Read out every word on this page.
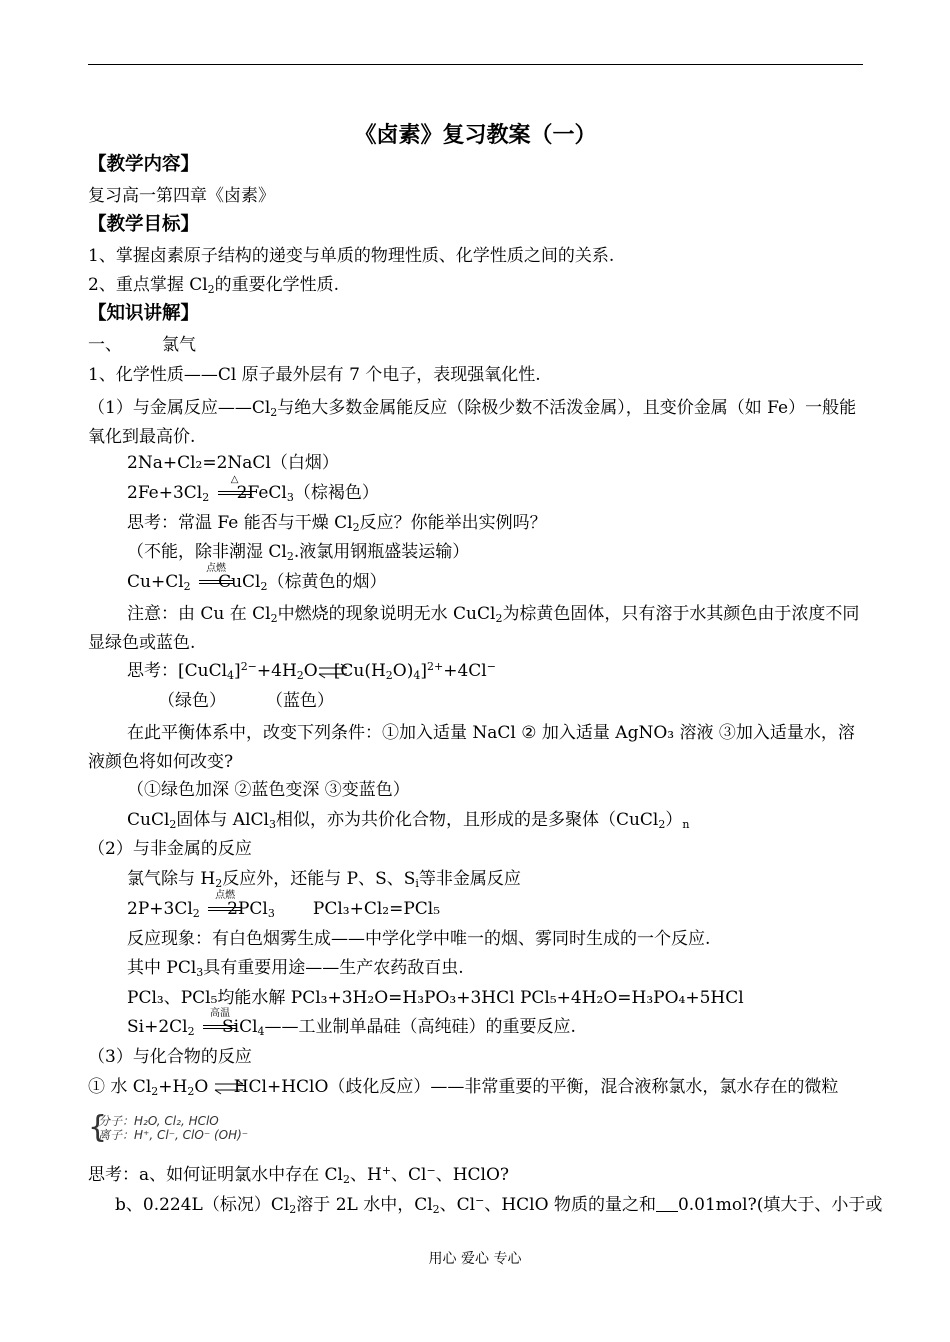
《卤素》复习教案（一）
【教学内容】
复习高一第四章《卤素》
【教学目标】
1、掌握卤素原子结构的递变与单质的物理性质、化学性质之间的关系.
2、重点掌握 $Cl_2$的重要化学性质.
【知识讲解】
一、 氯气
1、化学性质——Cl 原子最外层有 7 个电子，表现强氧化性.
（1）与金属反应$——Cl_2$与绝大多数金属能反应（除极少数不活泼金属），且变价金属（如 Fe）一般能氧化到最高价.
2Na+Cl₂=2NaCl（白烟）
$2Fe+3Cl_2$
△
2FeCl$_3$（棕褐色）
思考：常温 Fe 能否与干燥 $Cl_2$反应？你能举出实例吗？
（不能，除非潮湿 $Cl_2$.液氯用钢瓶盛装运输）
$Cu+Cl_2$
点燃
CuCl$_2$（棕黄色的烟）
注意：由 Cu 在 $Cl_2$中燃烧的现象说明无水 CuCl$_2$为棕黄色固体，只有溶于水其颜色由于浓度不同显绿色或蓝色.
思考：$[CuCl_4]^{2-}+4H_2O\rightleftharpoons[Cu(H_2O)_4]^{2+}+4Cl^-$
（绿色） （蓝色）
在此平衡体系中，改变下列条件：①加入适量 NaCl ② 加入适量 AgNO₃ 溶液 ③加入适量水，溶液颜色将如何改变?
（①绿色加深 ②蓝色变深 ③变蓝色）
CuCl$_2$固体与 AlCl$_3$相似，亦为共价化合物，且形成的是多聚体$(CuCl_2)_n$
（2）与非金属的反应
氯气除与 $H_2$反应外，还能与 P、S、$S_i$等非金属反应
$2P+3Cl_2$
点燃
2PCl$_3$ PCl₃+Cl₂=PCl₅
反应现象：有白色烟雾生成——中学化学中唯一的烟、雾同时生成的一个反应.
其中 PCl$_3$具有重要用途——生产农药敌百虫.
PCl₃、PCl₅均能水解 PCl₃+3H₂O=H₃PO₃+3HCl PCl₅+4H₂O=H₃PO₄+5HCl
$Si+2Cl_2$
高温
SiCl$_4$——工业制单晶硅（高纯硅）的重要反应.
（3）与化合物的反应
① 水 $Cl_2+H_2O$ ⇌HCl+HClO（歧化反应）——非常重要的平衡，混合液称氯水，氯水存在的微粒
{
分子：H₂O, Cl₂, HClO
离子：H⁺, Cl⁻, ClO⁻ (OH)⁻
思考：a、如何证明氯水中存在 $Cl_2$、H+、Cl−、HClO?
b、0.224L（标况）$Cl_2$溶于 2L 水中，$Cl_2$、Cl−、HClO 物质的量之和 0.01mol?(填大于、小于或
用心 爱心 专心
